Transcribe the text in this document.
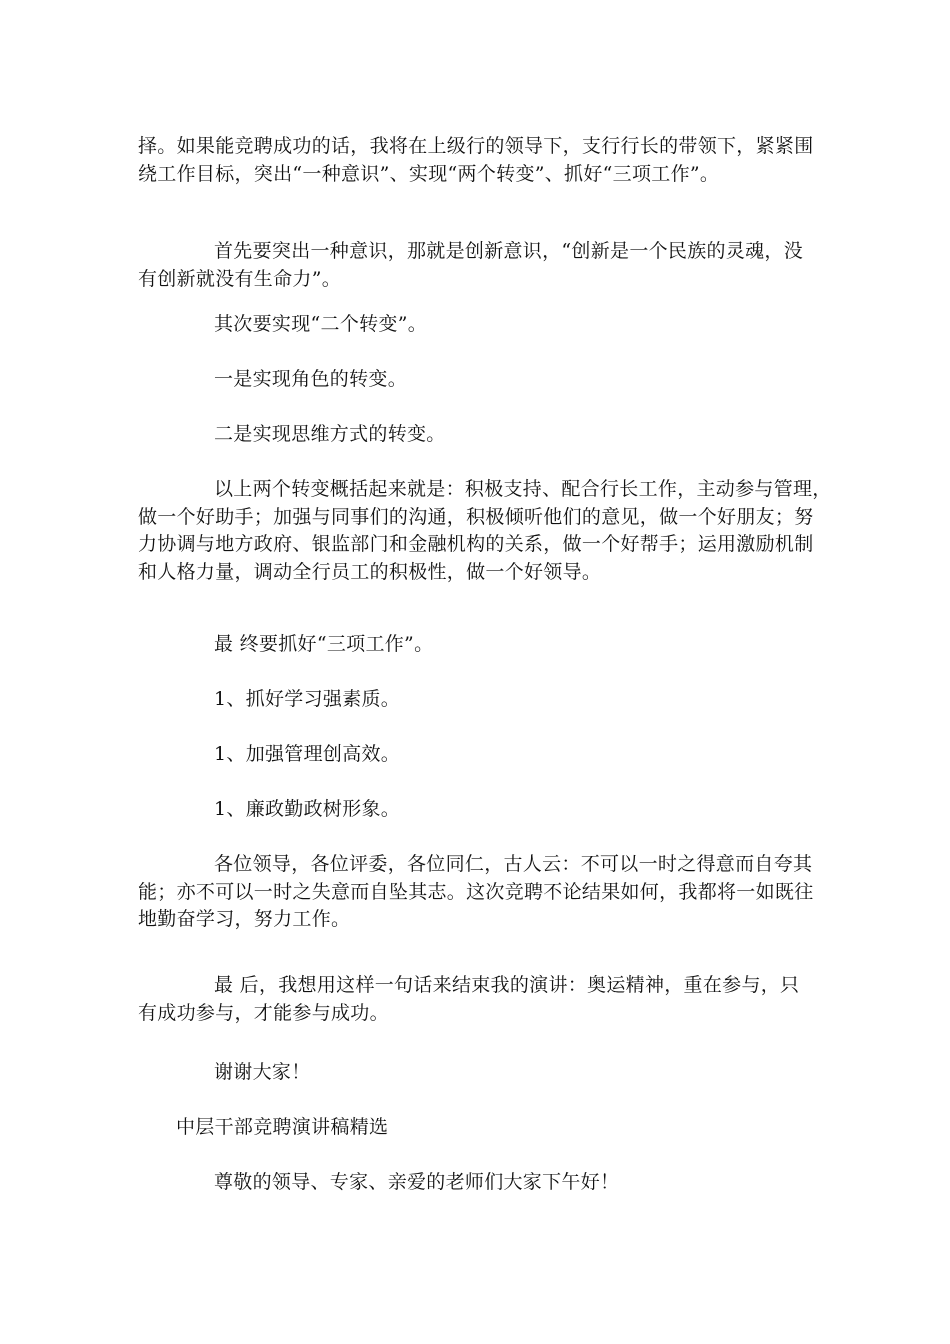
择。如果能竞聘成功的话，我将在上级行的领导下，支行行长的带领下，紧紧围
绕工作目标，突出“一种意识”、实现“两个转变”、抓好“三项工作”。
首先要突出一种意识，那就是创新意识，“创新是一个民族的灵魂，没
有创新就没有生命力”。
其次要实现“二个转变”。
一是实现角色的转变。
二是实现思维方式的转变。
以上两个转变概括起来就是：积极支持、配合行长工作，主动参与管理，
做一个好助手；加强与同事们的沟通，积极倾听他们的意见，做一个好朋友；努
力协调与地方政府、银监部门和金融机构的关系，做一个好帮手；运用激励机制
和人格力量，调动全行员工的积极性，做一个好领导。
最 终要抓好“三项工作”。
1、抓好学习强素质。
1、加强管理创高效。
1、廉政勤政树形象。
各位领导，各位评委，各位同仁，古人云：不可以一时之得意而自夸其
能；亦不可以一时之失意而自坠其志。这次竞聘不论结果如何，我都将一如既往
地勤奋学习，努力工作。
最 后，我想用这样一句话来结束我的演讲：奥运精神，重在参与，只
有成功参与，才能参与成功。
谢谢大家！
中层干部竞聘演讲稿精选
尊敬的领导、专家、亲爱的老师们大家下午好！
